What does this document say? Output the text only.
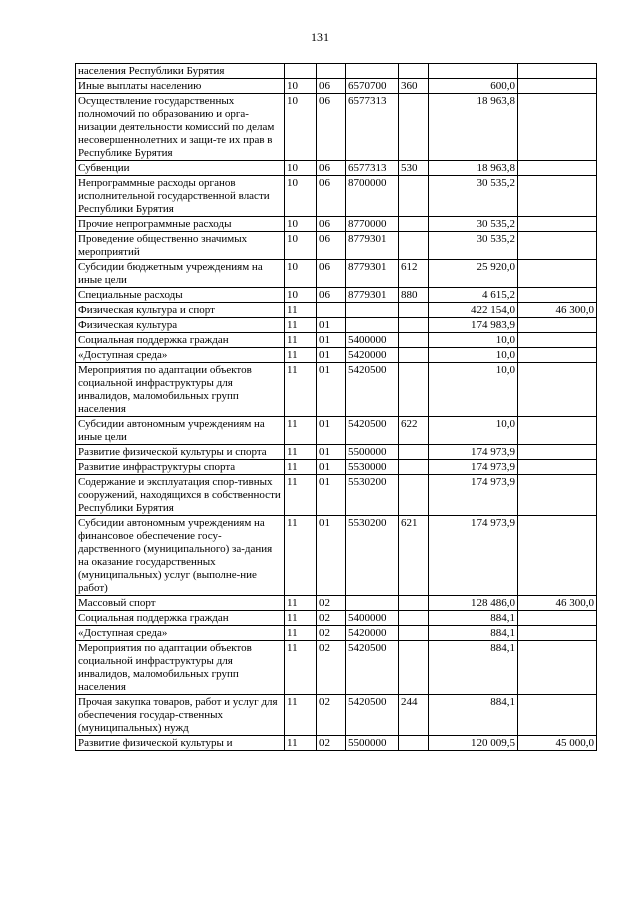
131
населения Республики Бурятия						
Иные выплаты населению	10	06	6570700	360	600,0	
Осуществление государственных полномочий по образованию и орга-низации деятельности комиссий по делам несовершеннолетних и защи-те их прав в Республике Бурятия	10	06	6577313		18 963,8	
Субвенции	10	06	6577313	530	18 963,8	
Непрограммные расходы органов исполнительной государственной власти Республики Бурятия	10	06	8700000		30 535,2	
Прочие непрограммные расходы	10	06	8770000		30 535,2	
Проведение общественно значимых мероприятий	10	06	8779301		30 535,2	
Субсидии бюджетным учреждениям на иные цели	10	06	8779301	612	25 920,0	
Специальные расходы	10	06	8779301	880	4 615,2	
Физическая культура и спорт	11				422 154,0	46 300,0
Физическая культура	11	01			174 983,9	
Социальная поддержка граждан	11	01	5400000		10,0	
«Доступная среда»	11	01	5420000		10,0	
Мероприятия по адаптации объектов социальной инфраструктуры для инвалидов, маломобильных групп населения	11	01	5420500		10,0	
Субсидии автономным учреждениям на иные цели	11	01	5420500	622	10,0	
Развитие физической культуры и спорта	11	01	5500000		174 973,9	
Развитие инфраструктуры спорта	11	01	5530000		174 973,9	
Содержание и эксплуатация спор-тивных сооружений, находящихся в собственности Республики Бурятия	11	01	5530200		174 973,9	
Субсидии автономным учреждениям на финансовое обеспечение госу-дарственного (муниципального) за-дания на оказание государственных (муниципальных) услуг (выполне-ние работ)	11	01	5530200	621	174 973,9	
Массовый спорт	11	02			128 486,0	46 300,0
Социальная поддержка граждан	11	02	5400000		884,1	
«Доступная среда»	11	02	5420000		884,1	
Мероприятия по адаптации объектов социальной инфраструктуры для инвалидов, маломобильных групп населения	11	02	5420500		884,1	
Прочая закупка товаров, работ и услуг для обеспечения государ-ственных (муниципальных) нужд	11	02	5420500	244	884,1	
Развитие физической культуры и	11	02	5500000		120 009,5	45 000,0
